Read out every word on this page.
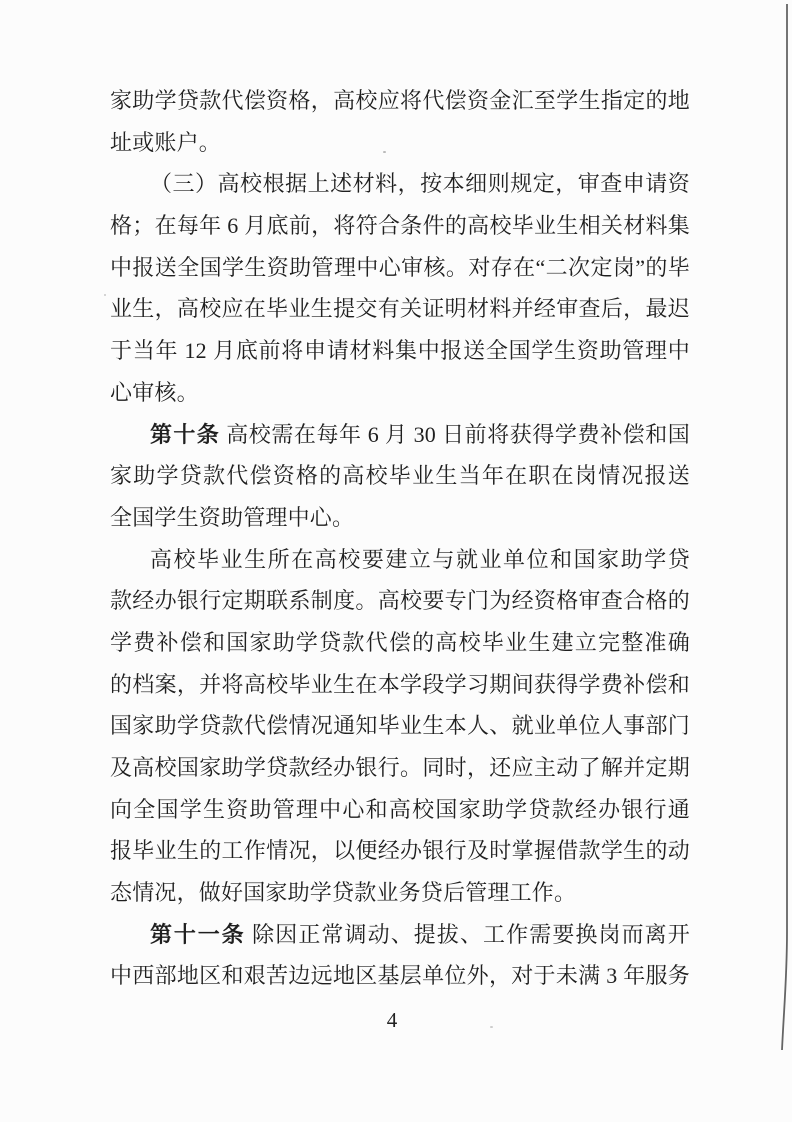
家助学贷款代偿资格，高校应将代偿资金汇至学生指定的地
址或账户。
（三）高校根据上述材料，按本细则规定，审查申请资
格；在每年 6 月底前，将符合条件的高校毕业生相关材料集
中报送全国学生资助管理中心审核。对存在“二次定岗”的毕
业生，高校应在毕业生提交有关证明材料并经审查后，最迟
于当年 12 月底前将申请材料集中报送全国学生资助管理中
心审核。
第十条 高校需在每年 6 月 30 日前将获得学费补偿和国
家助学贷款代偿资格的高校毕业生当年在职在岗情况报送
全国学生资助管理中心。
高校毕业生所在高校要建立与就业单位和国家助学贷
款经办银行定期联系制度。高校要专门为经资格审查合格的
学费补偿和国家助学贷款代偿的高校毕业生建立完整准确
的档案，并将高校毕业生在本学段学习期间获得学费补偿和
国家助学贷款代偿情况通知毕业生本人、就业单位人事部门
及高校国家助学贷款经办银行。同时，还应主动了解并定期
向全国学生资助管理中心和高校国家助学贷款经办银行通
报毕业生的工作情况，以便经办银行及时掌握借款学生的动
态情况，做好国家助学贷款业务贷后管理工作。
第十一条 除因正常调动、提拔、工作需要换岗而离开
中西部地区和艰苦边远地区基层单位外，对于未满 3 年服务
4
